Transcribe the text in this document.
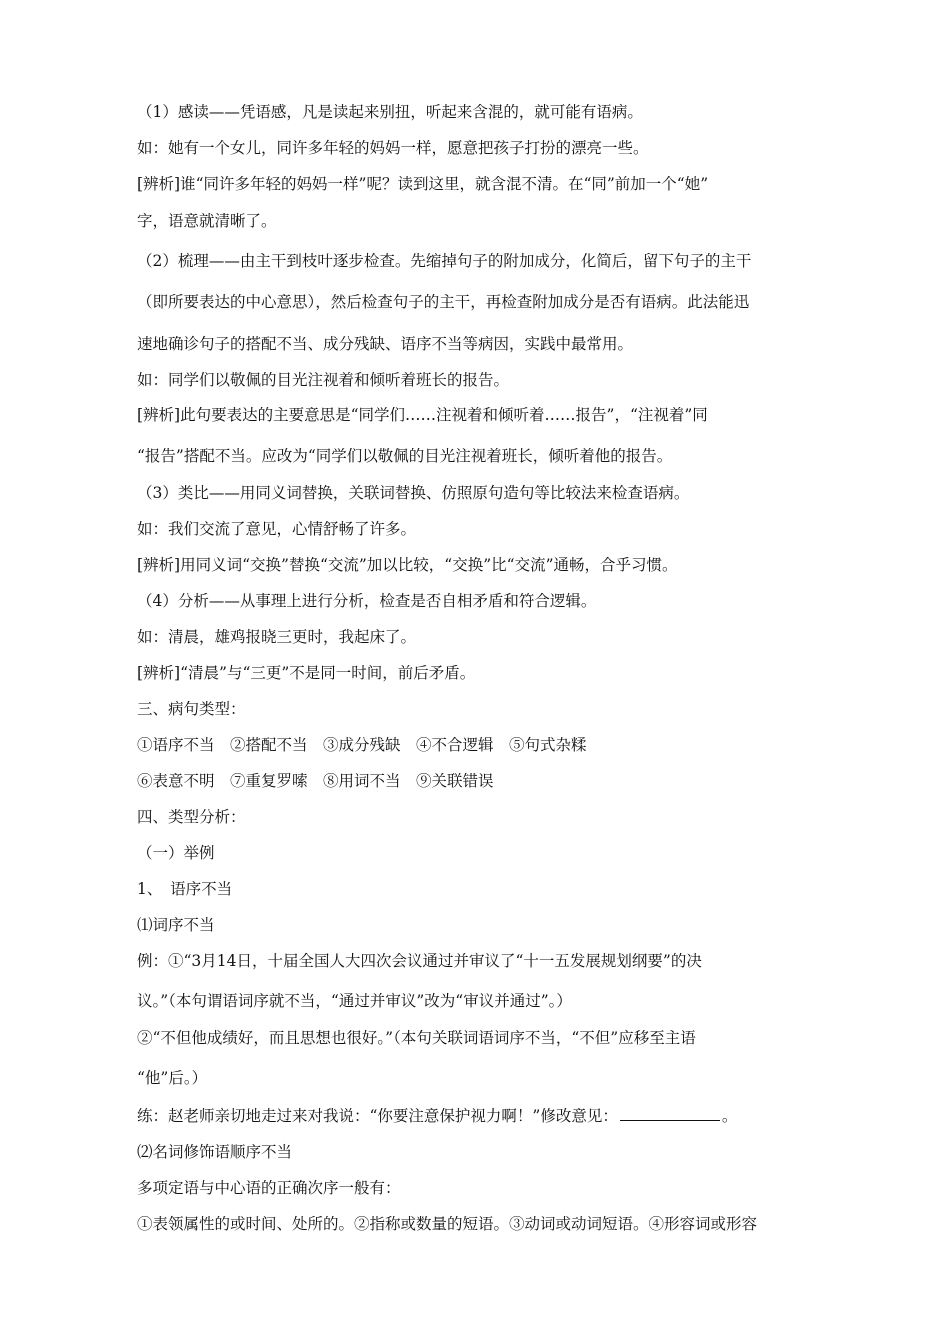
（1）感读——凭语感，凡是读起来别扭，听起来含混的，就可能有语病。
如：她有一个女儿，同许多年轻的妈妈一样，愿意把孩子打扮的漂亮一些。
[辨析]谁“同许多年轻的妈妈一样”呢？读到这里，就含混不清。在“同”前加一个“她”
字，语意就清晰了。
（2）梳理——由主干到枝叶逐步检查。先缩掉句子的附加成分，化简后，留下句子的主干
（即所要表达的中心意思），然后检查句子的主干，再检查附加成分是否有语病。此法能迅
速地确诊句子的搭配不当、成分残缺、语序不当等病因，实践中最常用。
如：同学们以敬佩的目光注视着和倾听着班长的报告。
[辨析]此句要表达的主要意思是“同学们……注视着和倾听着……报告”，“注视着”同
“报告”搭配不当。应改为“同学们以敬佩的目光注视着班长，倾听着他的报告。
（3）类比——用同义词替换，关联词替换、仿照原句造句等比较法来检查语病。
如：我们交流了意见，心情舒畅了许多。
[辨析]用同义词“交换”替换“交流”加以比较，“交换”比“交流”通畅，合乎习惯。
（4）分析——从事理上进行分析，检查是否自相矛盾和符合逻辑。
如：清晨，雄鸡报晓三更时，我起床了。
[辨析]“清晨”与“三更”不是同一时间，前后矛盾。
三、病句类型：
①语序不当　②搭配不当　③成分残缺　④不合逻辑　⑤句式杂糅
⑥表意不明　⑦重复罗嗦　⑧用词不当　⑨关联错误
四、类型分析：
（一）举例
1、　语序不当
⑴词序不当
例：①“3月14日，十届全国人大四次会议通过并审议了“十一五发展规划纲要”的决
议。”（本句谓语词序就不当，“通过并审议”改为“审议并通过”。）
②“不但他成绩好，而且思想也很好。”（本句关联词语词序不当，“不但”应移至主语
“他”后。）
练：赵老师亲切地走过来对我说：“你要注意保护视力啊！”修改意见：	。
⑵名词修饰语顺序不当
多项定语与中心语的正确次序一般有：
①表领属性的或时间、处所的。②指称或数量的短语。③动词或动词短语。④形容词或形容
